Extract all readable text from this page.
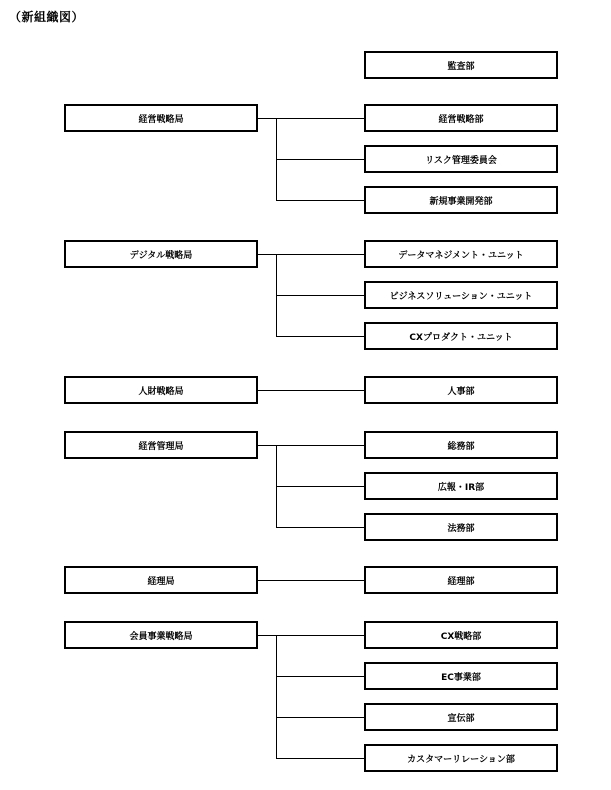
（新組織図）
監査部
経営戦略局	経営戦略部
リスク管理委員会
新規事業開発部
デジタル戦略局	データマネジメント・ユニット
ビジネスソリューション・ユニット
CXプロダクト・ユニット
人財戦略局	人事部
経営管理局	総務部
広報・IR部
法務部
経理局	経理部
会員事業戦略局	CX戦略部
EC事業部
宣伝部
カスタマーリレーション部
